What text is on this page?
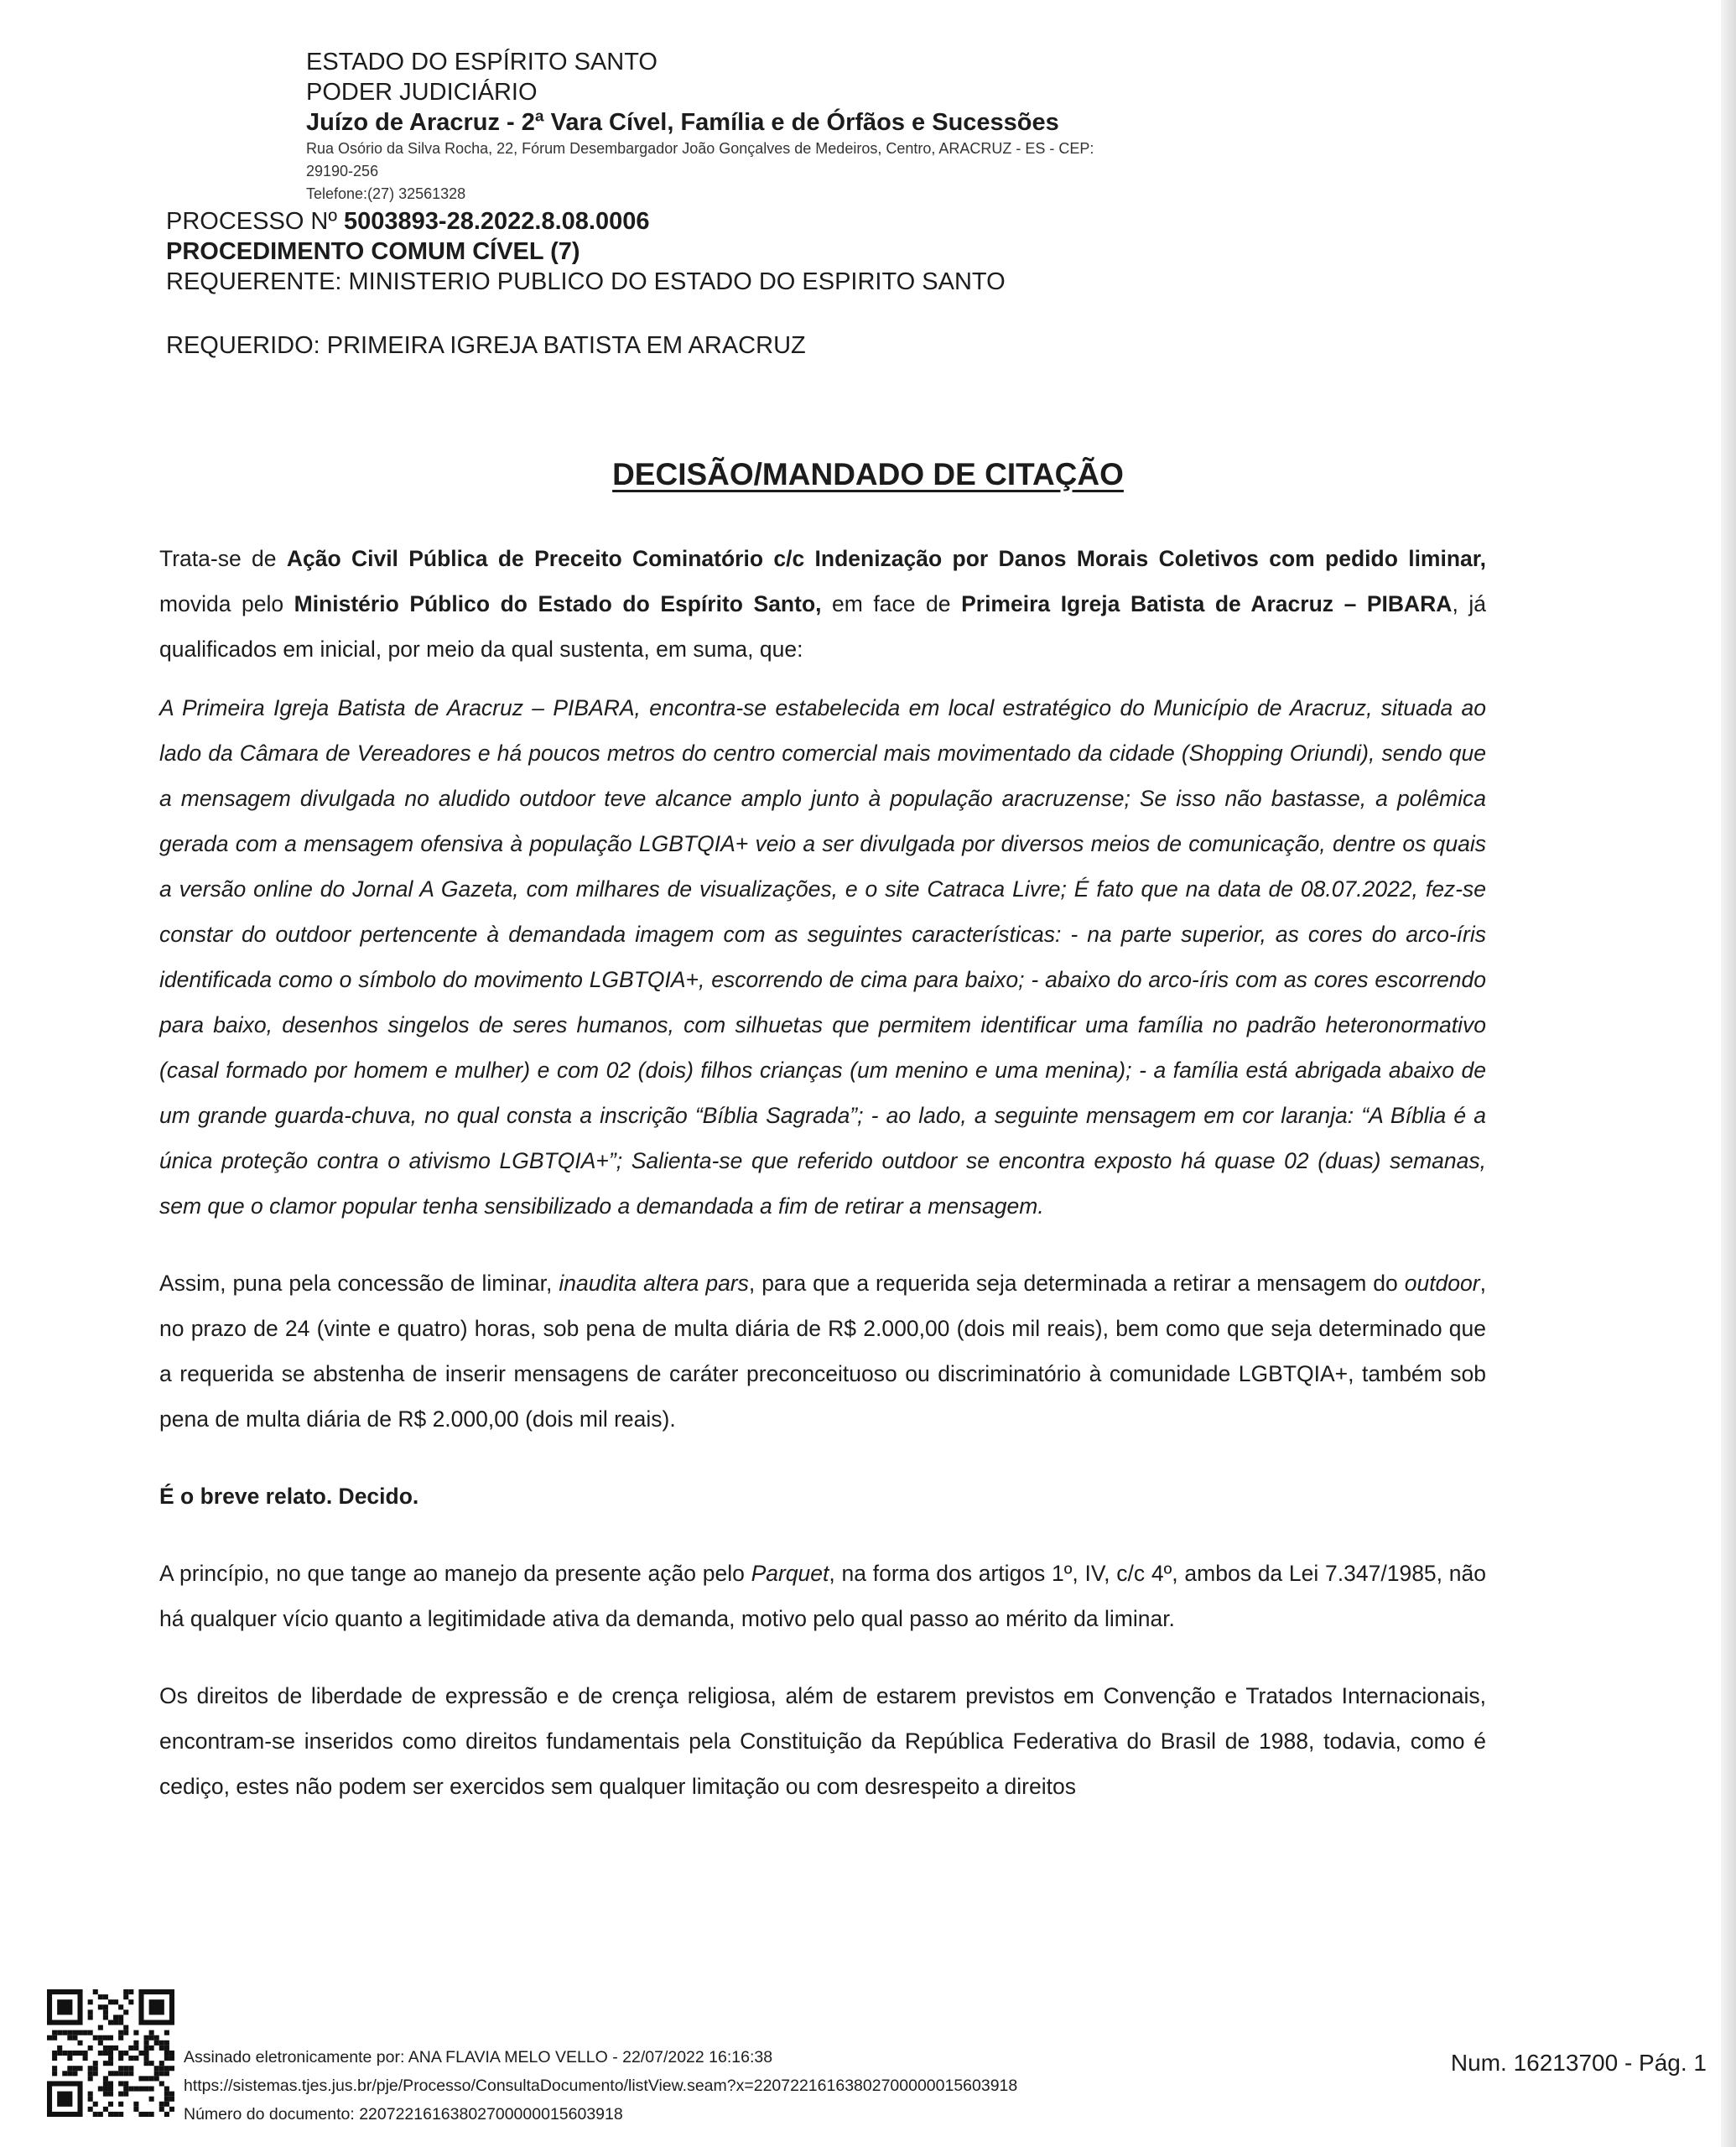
ESTADO DO ESPÍRITO SANTO
PODER JUDICIÁRIO
Juízo de Aracruz - 2ª Vara Cível, Família e de Órfãos e Sucessões
Rua Osório da Silva Rocha, 22, Fórum Desembargador João Gonçalves de Medeiros, Centro, ARACRUZ - ES - CEP:
29190-256
Telefone:(27) 32561328
PROCESSO Nº 5003893-28.2022.8.08.0006
PROCEDIMENTO COMUM CÍVEL (7)
REQUERENTE: MINISTERIO PUBLICO DO ESTADO DO ESPIRITO SANTO
REQUERIDO: PRIMEIRA IGREJA BATISTA EM ARACRUZ
DECISÃO/MANDADO DE CITAÇÃO

Trata-se de Ação Civil Pública de Preceito Cominatório c/c Indenização por Danos Morais Coletivos com pedido liminar, movida pelo Ministério Público do Estado do Espírito Santo, em face de Primeira Igreja Batista de Aracruz – PIBARA, já qualificados em inicial, por meio da qual sustenta, em suma, que:

A Primeira Igreja Batista de Aracruz – PIBARA, encontra-se estabelecida em local estratégico do Município de Aracruz, situada ao lado da Câmara de Vereadores e há poucos metros do centro comercial mais movimentado da cidade (Shopping Oriundi), sendo que a mensagem divulgada no aludido outdoor teve alcance amplo junto à população aracruzense; Se isso não bastasse, a polêmica gerada com a mensagem ofensiva à população LGBTQIA+ veio a ser divulgada por diversos meios de comunicação, dentre os quais a versão online do Jornal A Gazeta, com milhares de visualizações, e o site Catraca Livre; É fato que na data de 08.07.2022, fez-se constar do outdoor pertencente à demandada imagem com as seguintes características: - na parte superior, as cores do arco-íris identificada como o símbolo do movimento LGBTQIA+, escorrendo de cima para baixo; - abaixo do arco-íris com as cores escorrendo para baixo, desenhos singelos de seres humanos, com silhuetas que permitem identificar uma família no padrão heteronormativo (casal formado por homem e mulher) e com 02 (dois) filhos crianças (um menino e uma menina); - a família está abrigada abaixo de um grande guarda-chuva, no qual consta a inscrição “Bíblia Sagrada”; - ao lado, a seguinte mensagem em cor laranja: “A Bíblia é a única proteção contra o ativismo LGBTQIA+”; Salienta-se que referido outdoor se encontra exposto há quase 02 (duas) semanas, sem que o clamor popular tenha sensibilizado a demandada a fim de retirar a mensagem.

Assim, puna pela concessão de liminar, inaudita altera pars, para que a requerida seja determinada a retirar a mensagem do outdoor, no prazo de 24 (vinte e quatro) horas, sob pena de multa diária de R$ 2.000,00 (dois mil reais), bem como que seja determinado que a requerida se abstenha de inserir mensagens de caráter preconceituoso ou discriminatório à comunidade LGBTQIA+, também sob pena de multa diária de R$ 2.000,00 (dois mil reais).

É o breve relato. Decido.

A princípio, no que tange ao manejo da presente ação pelo Parquet, na forma dos artigos 1º, IV, c/c 4º, ambos da Lei 7.347/1985, não há qualquer vício quanto a legitimidade ativa da demanda, motivo pelo qual passo ao mérito da liminar.

Os direitos de liberdade de expressão e de crença religiosa, além de estarem previstos em Convenção e Tratados Internacionais, encontram-se inseridos como direitos fundamentais pela Constituição da República Federativa do Brasil de 1988, todavia, como é cediço, estes não podem ser exercidos sem qualquer limitação ou com desrespeito a direitos

Assinado eletronicamente por: ANA FLAVIA MELO VELLO - 22/07/2022 16:16:38
https://sistemas.tjes.jus.br/pje/Processo/ConsultaDocumento/listView.seam?x=22072216163802700000015603918
Número do documento: 22072216163802700000015603918
Num. 16213700 - Pág. 1
